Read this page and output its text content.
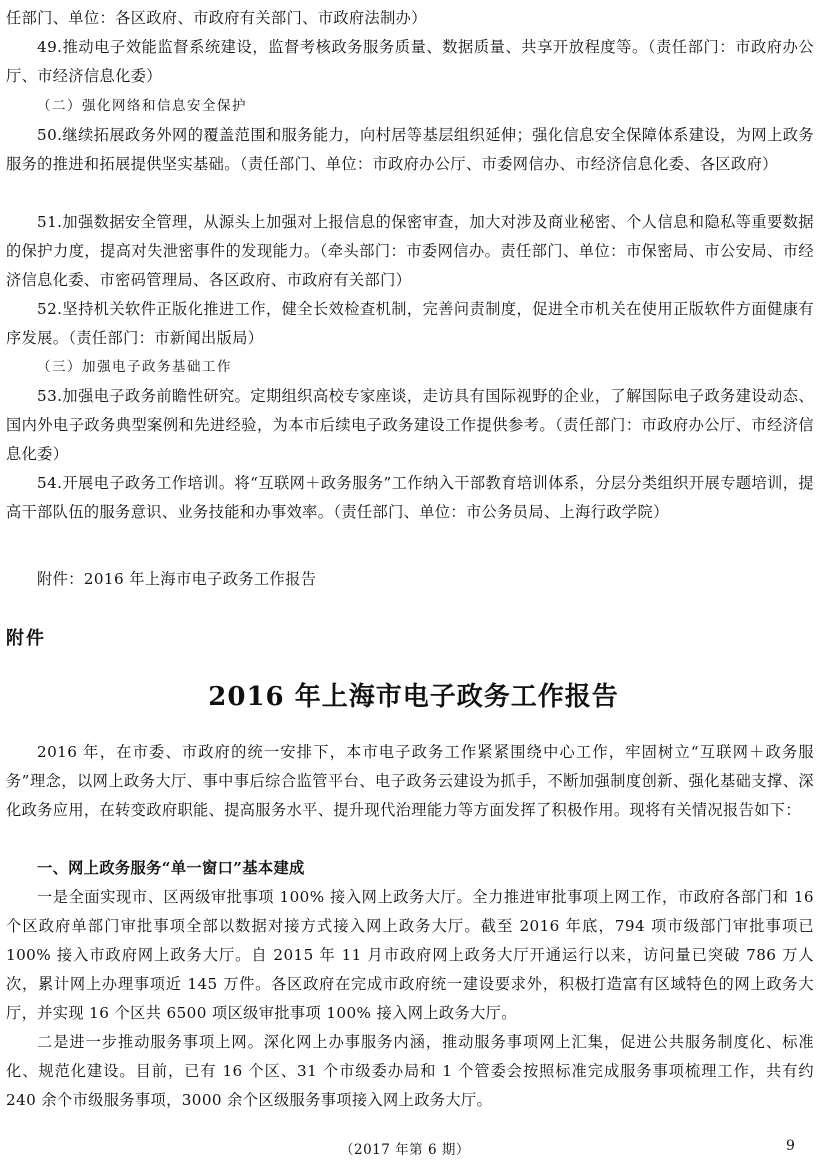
任部门、单位：各区政府、市政府有关部门、市政府法制办）

49.推动电子效能监督系统建设，监督考核政务服务质量、数据质量、共享开放程度等。（责任部门：市政府办公厅、市经济信息化委）

（二）强化网络和信息安全保护

50.继续拓展政务外网的覆盖范围和服务能力，向村居等基层组织延伸；强化信息安全保障体系建设，为网上政务服务的推进和拓展提供坚实基础。（责任部门、单位：市政府办公厅、市委网信办、市经济信息化委、各区政府）

51.加强数据安全管理，从源头上加强对上报信息的保密审查，加大对涉及商业秘密、个人信息和隐私等重要数据的保护力度，提高对失泄密事件的发现能力。（牵头部门：市委网信办。责任部门、单位：市保密局、市公安局、市经济信息化委、市密码管理局、各区政府、市政府有关部门）

52.坚持机关软件正版化推进工作，健全长效检查机制，完善问责制度，促进全市机关在使用正版软件方面健康有序发展。（责任部门：市新闻出版局）

（三）加强电子政务基础工作

53.加强电子政务前瞻性研究。定期组织高校专家座谈，走访具有国际视野的企业，了解国际电子政务建设动态、国内外电子政务典型案例和先进经验，为本市后续电子政务建设工作提供参考。（责任部门：市政府办公厅、市经济信息化委）

54.开展电子政务工作培训。将“互联网＋政务服务”工作纳入干部教育培训体系，分层分类组织开展专题培训，提高干部队伍的服务意识、业务技能和办事效率。（责任部门、单位：市公务员局、上海行政学院）

附件：2016 年上海市电子政务工作报告

附件

2016 年上海市电子政务工作报告

2016 年，在市委、市政府的统一安排下，本市电子政务工作紧紧围绕中心工作，牢固树立“互联网＋政务服务”理念，以网上政务大厅、事中事后综合监管平台、电子政务云建设为抓手，不断加强制度创新、强化基础支撑、深化政务应用，在转变政府职能、提高服务水平、提升现代治理能力等方面发挥了积极作用。现将有关情况报告如下：

一、网上政务服务“单一窗口”基本建成

一是全面实现市、区两级审批事项 100% 接入网上政务大厅。全力推进审批事项上网工作，市政府各部门和 16 个区政府单部门审批事项全部以数据对接方式接入网上政务大厅。截至 2016 年底，794 项市级部门审批事项已 100% 接入市政府网上政务大厅。自 2015 年 11 月市政府网上政务大厅开通运行以来，访问量已突破 786 万人次，累计网上办理事项近 145 万件。各区政府在完成市政府统一建设要求外，积极打造富有区域特色的网上政务大厅，并实现 16 个区共 6500 项区级审批事项 100% 接入网上政务大厅。

二是进一步推动服务事项上网。深化网上办事服务内涵，推动服务事项网上汇集，促进公共服务制度化、标准化、规范化建设。目前，已有 16 个区、31 个市级委办局和 1 个管委会按照标准完成服务事项梳理工作，共有约 240 余个市级服务事项，3000 余个区级服务事项接入网上政务大厅。

（2017 年第 6 期）	9
